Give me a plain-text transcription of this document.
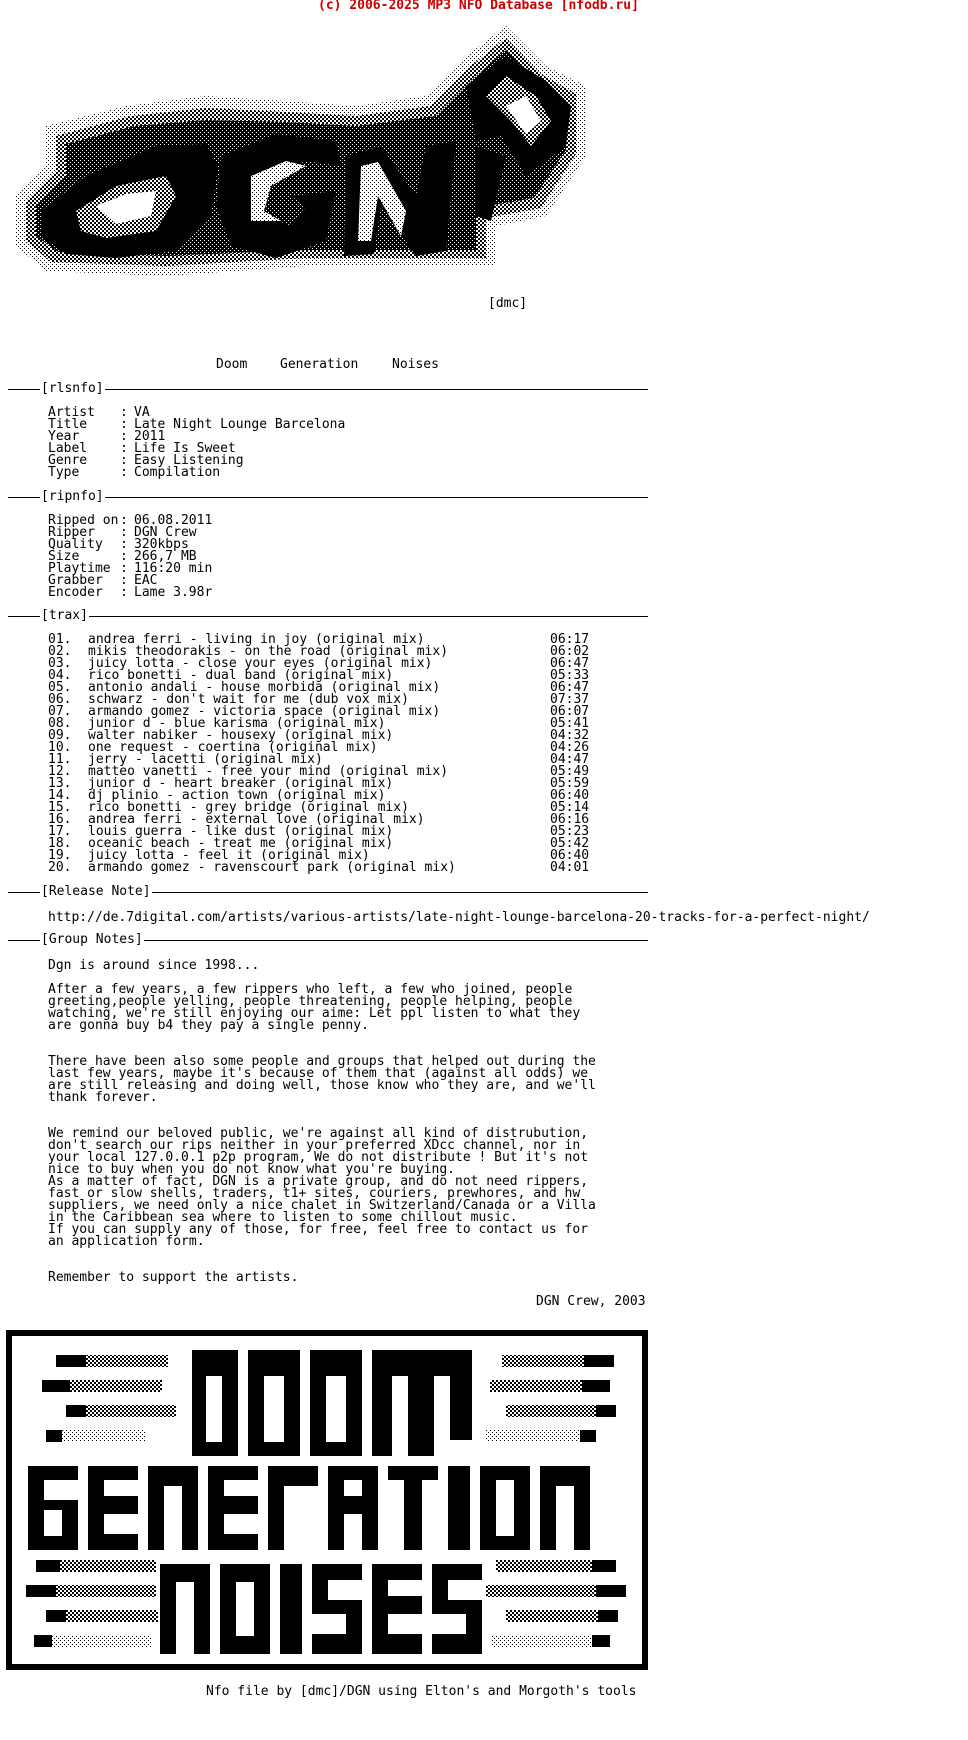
(c) 2006-2025 MP3 NFO Database [nfodb.ru]
[dmc]
Doom	Generation	Noises
[rlsnfo]
Artist : VA
Title	: Late Night Lounge Barcelona
Year	: 2011
Label	: Life Is Sweet
Genre	: Easy Listening
Type	: Compilation
[ripnfo]
Ripped on : 06.08.2011
Ripper : DGN Crew
Quality : 320kbps
Size	: 266,7 MB
Playtime : 116:20 min
Grabber : EAC
Encoder : Lame 3.98r
[trax]
01. andrea ferri - living in joy (original mix)	06:17
02. mikis theodorakis - on the road (original mix)	06:02
03. juicy lotta - close your eyes (original mix)	06:47
04. rico bonetti - dual band (original mix)	05:33
05. antonio andali - house morbida (original mix)	06:47
06. schwarz - don't wait for me (dub vox mix)	07:37
07. armando gomez - victoria space (original mix)	06:07
08. junior d - blue karisma (original mix)	05:41
09. walter nabiker - housexy (original mix)	04:32
10. one request - coertina (original mix)	04:26
11. jerry - lacetti (original mix)	04:47
12. matteo vanetti - free your mind (original mix)	05:49
13. junior d - heart breaker (original mix)	05:59
14. dj plinio - action town (original mix)	06:40
15. rico bonetti - grey bridge (original mix)	05:14
16. andrea ferri - external love (original mix)	06:16
17. louis guerra - like dust (original mix)	05:23
18. oceanic beach - treat me (original mix)	05:42
19. juicy lotta - feel it (original mix)	06:40
20. armando gomez - ravenscourt park (original mix)	04:01
[Release Note]
http://de.7digital.com/artists/various-artists/late-night-lounge-barcelona-20-tracks-for-a-perfect-night/
[Group Notes]
Dgn is around since 1998...
After a few years, a few rippers who left, a few who joined, people
greeting,people yelling, people threatening, people helping, people
watching, we're still enjoying our aime: Let ppl listen to what they
are gonna buy b4 they pay a single penny.
There have been also some people and groups that helped out during the
last few years, maybe it's because of them that (against all odds) we
are still releasing and doing well, those know who they are, and we'll
thank forever.
We remind our beloved public, we're against all kind of distrubution,
don't search our rips neither in your preferred XDcc channel, nor in
your local 127.0.0.1 p2p program, We do not distribute ! But it's not
nice to buy when you do not know what you're buying.
As a matter of fact, DGN is a private group, and do not need rippers,
fast or slow shells, traders, t1+ sites, couriers, prewhores, and hw
suppliers, we need only a nice chalet in Switzerland/Canada or a Villa
in the Caribbean sea where to listen to some chillout music.
If you can supply any of those, for free, feel free to contact us for
an application form.
Remember to support the artists.
DGN Crew, 2003
Nfo file by [dmc]/DGN using Elton's and Morgoth's tools
